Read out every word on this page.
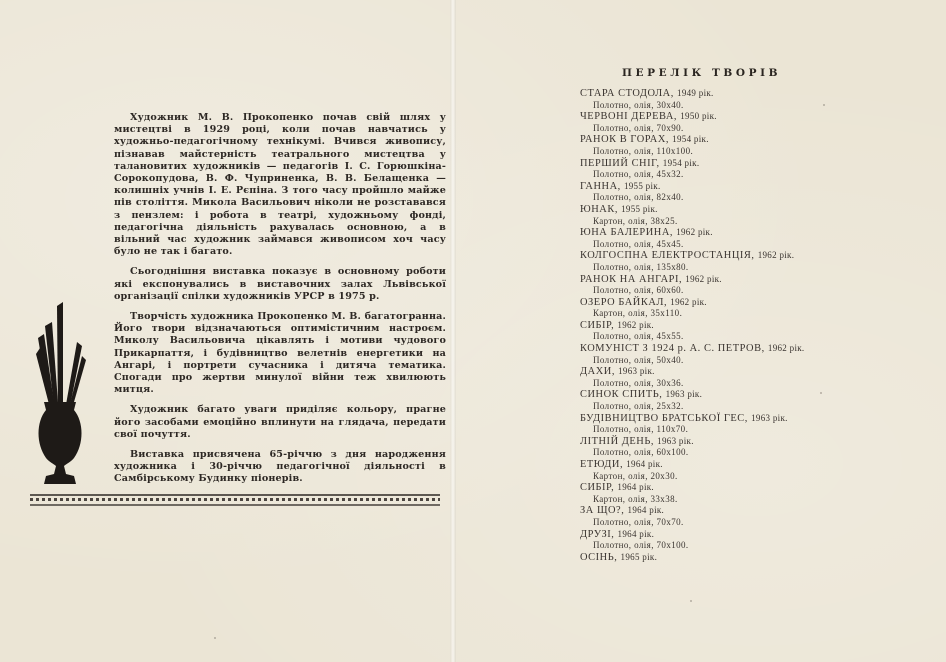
Художник М. В. Прокопенко почав свій шлях у мистецтві в 1929 році, коли почав навчатись у художньо-педагогічному технікумі. Вчився живопису, пізнавав майстерність театрального мистецтва у талановитих художників — педагогів І. С. Горюшкіна-Сорокопудова, В. Ф. Чуприненка, В. В. Белащенка — колишніх учнів І. Е. Рєпіна. З того часу пройшло майже пів століття. Микола Васильович ніколи не розставався з пензлем: і робота в театрі, художньому фонді, педагогічна діяльність рахувалась основною, а в вільний час художник займався живописом хоч часу було не так і багато.

Сьогоднішня виставка показує в основному роботи які експонувались в виставочних залах Львівської організації спілки художників УРСР в 1975 р.

Творчість художника Прокопенко М. В. багатогранна. Його твори відзначаються оптимістичним настроєм. Миколу Васильовича цікавлять і мотиви чудового Прикарпаття, і будівництво велетнів енергетики на Ангарі, і портрети сучасника і дитяча тематика. Спогади про жертви минулої війни теж хвилюють митця.

Художник багато уваги приділяє кольору, прагне його засобами емоційно вплинути на глядача, передати свої почуття.

Виставка присвячена 65-річчю з дня народження художника і 30-річчю педагогічної діяльності в Самбірському Будинку піонерів.

ПЕРЕЛІК ТВОРІВ
СТАРА СТОДОЛА, 1949 рік.
Полотно, олія, 30x40.
ЧЕРВОНІ ДЕРЕВА, 1950 рік.
Полотно, олія, 70x90.
РАНОК В ГОРАХ, 1954 рік.
Полотно, олія, 110x100.
ПЕРШИЙ СНІГ, 1954 рік.
Полотно, олія, 45x32.
ГАННА, 1955 рік.
Полотно, олія, 82x40.
ЮНАК, 1955 рік.
Картон, олія, 38x25.
ЮНА БАЛЕРИНА, 1962 рік.
Полотно, олія, 45x45.
КОЛГОСПНА ЕЛЕКТРОСТАНЦІЯ, 1962 рік.
Полотно, олія, 135x80.
РАНОК НА АНГАРІ, 1962 рік.
Полотно, олія, 60x60.
ОЗЕРО БАЙКАЛ, 1962 рік.
Картон, олія, 35x110.
СИБІР, 1962 рік.
Полотно, олія, 45x55.
КОМУНІСТ З 1924 р. А. С. ПЕТРОВ, 1962 рік.
Полотно, олія, 50x40.
ДАХИ, 1963 рік.
Полотно, олія, 30x36.
СИНОК СПИТЬ, 1963 рік.
Полотно, олія, 25x32.
БУДІВНИЦТВО БРАТСЬКОЇ ГЕС, 1963 рік.
Полотно, олія, 110x70.
ЛІТНІЙ ДЕНЬ, 1963 рік.
Полотно, олія, 60x100.
ЕТЮДИ, 1964 рік.
Картон, олія, 20x30.
СИБІР, 1964 рік.
Картон, олія, 33x38.
ЗА ЩО?, 1964 рік.
Полотно, олія, 70x70.
ДРУЗІ, 1964 рік.
Полотно, олія, 70x100.
ОСІНЬ, 1965 рік.
